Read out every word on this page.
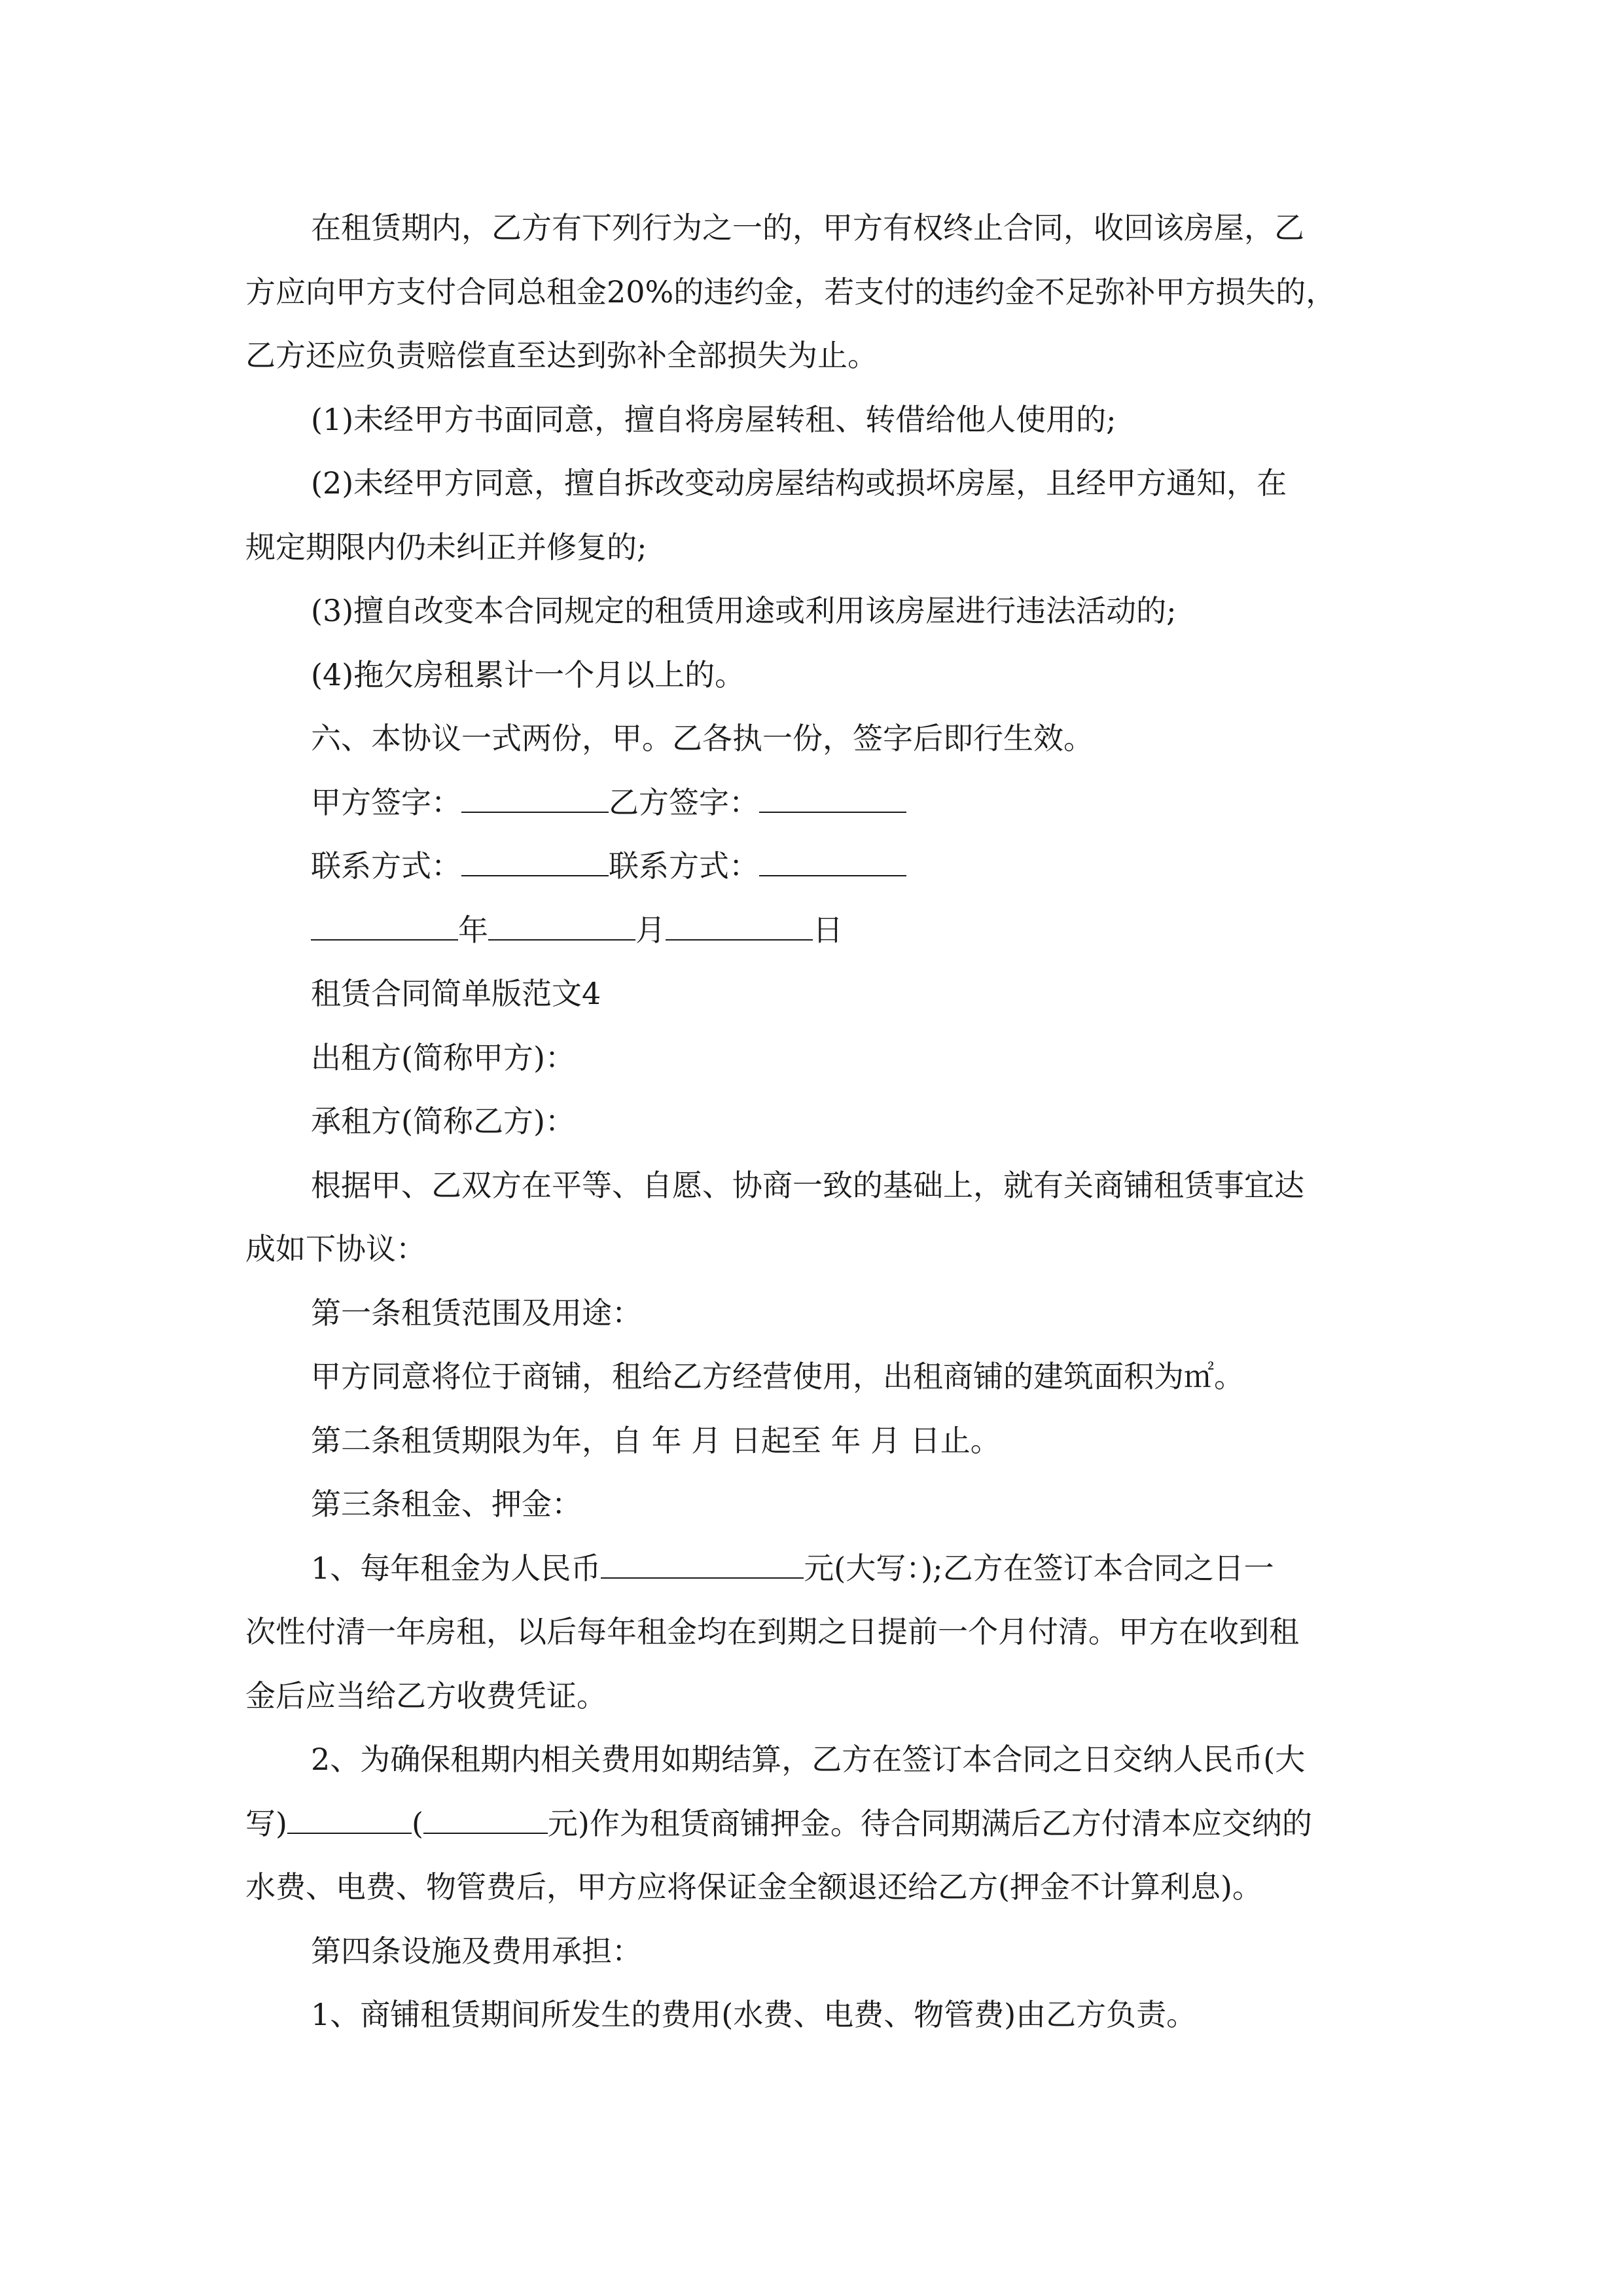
在租赁期内，乙方有下列行为之一的，甲方有权终止合同，收回该房屋，乙

方应向甲方支付合同总租金20%的违约金，若支付的违约金不足弥补甲方损失的，

乙方还应负责赔偿直至达到弥补全部损失为止。

(1)未经甲方书面同意，擅自将房屋转租、转借给他人使用的;

(2)未经甲方同意，擅自拆改变动房屋结构或损坏房屋，且经甲方通知，在

规定期限内仍未纠正并修复的;

(3)擅自改变本合同规定的租赁用途或利用该房屋进行违法活动的;

(4)拖欠房租累计一个月以上的。

六、本协议一式两份，甲。乙各执一份，签字后即行生效。

甲方签字：	乙方签字：

联系方式：	联系方式：

年	月	日

租赁合同简单版范文4

出租方(简称甲方)：

承租方(简称乙方)：

根据甲、乙双方在平等、自愿、协商一致的基础上，就有关商铺租赁事宜达

成如下协议：

第一条租赁范围及用途：

甲方同意将位于商铺，租给乙方经营使用，出租商铺的建筑面积为㎡。

第二条租赁期限为年，自 年 月 日起至 年 月 日止。

第三条租金、押金：

1、每年租金为人民币	元(大写：);乙方在签订本合同之日一

次性付清一年房租，以后每年租金均在到期之日提前一个月付清。甲方在收到租

金后应当给乙方收费凭证。

2、为确保租期内相关费用如期结算，乙方在签订本合同之日交纳人民币(大

写)	(	元)作为租赁商铺押金。待合同期满后乙方付清本应交纳的

水费、电费、物管费后，甲方应将保证金全额退还给乙方(押金不计算利息)。

第四条设施及费用承担：

1、商铺租赁期间所发生的费用(水费、电费、物管费)由乙方负责。
